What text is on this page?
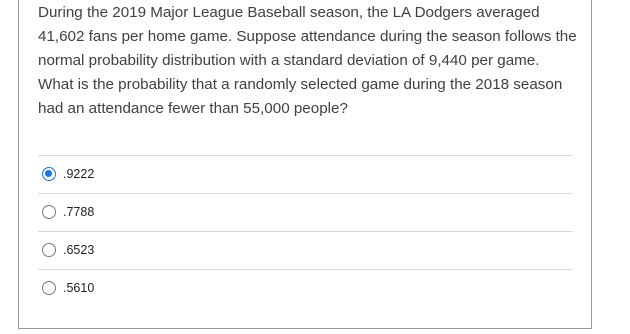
During the 2019 Major League Baseball season, the LA Dodgers averaged 41,602 fans per home game. Suppose attendance during the season follows the normal probability distribution with a standard deviation of 9,440 per game. What is the probability that a randomly selected game during the 2018 season had an attendance fewer than 55,000 people?

.9222
.7788
.6523
.5610
